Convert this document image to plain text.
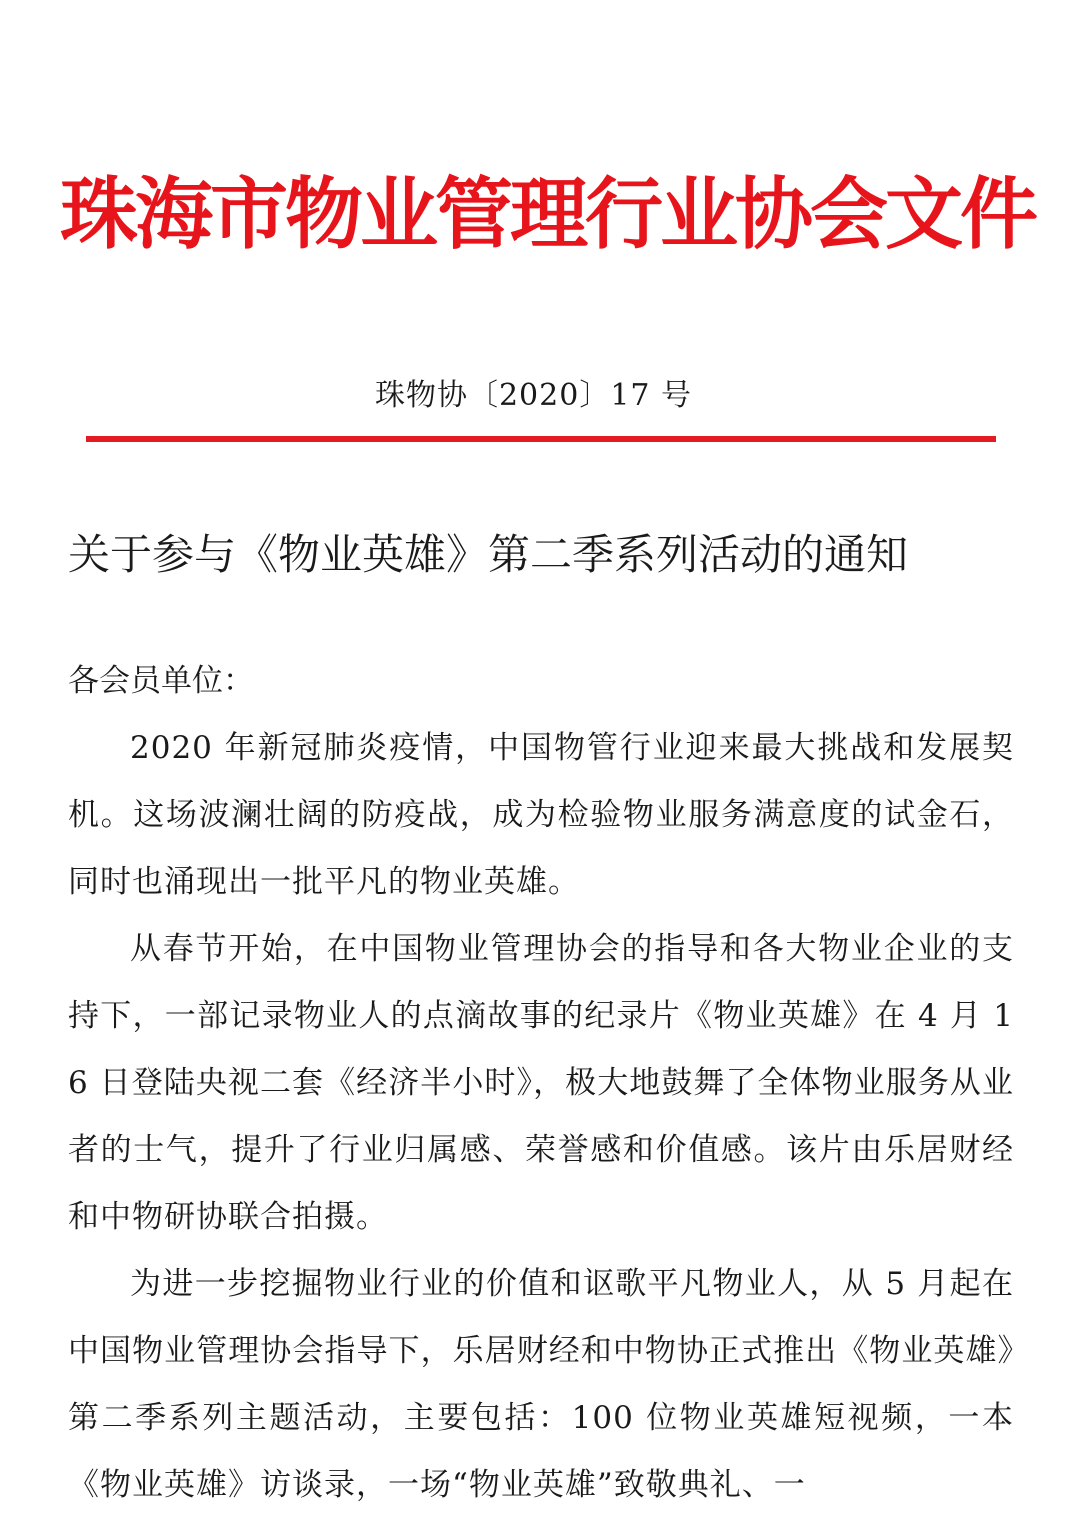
珠海市物业管理行业协会文件
珠物协〔2020〕17 号
关于参与《物业英雄》第二季系列活动的通知

各会员单位：

2020 年新冠肺炎疫情，中国物管行业迎来最大挑战和发展契机。这场波澜壮阔的防疫战，成为检验物业服务满意度的试金石，同时也涌现出一批平凡的物业英雄。

从春节开始，在中国物业管理协会的指导和各大物业企业的支持下，一部记录物业人的点滴故事的纪录片《物业英雄》在 4 月 16 日登陆央视二套《经济半小时》，极大地鼓舞了全体物业服务从业者的士气，提升了行业归属感、荣誉感和价值感。该片由乐居财经和中物研协联合拍摄。

为进一步挖掘物业行业的价值和讴歌平凡物业人，从 5 月起在中国物业管理协会指导下，乐居财经和中物协正式推出《物业英雄》第二季系列主题活动，主要包括：100 位物业英雄短视频，一本《物业英雄》访谈录，一场“物业英雄”致敬典礼、一
